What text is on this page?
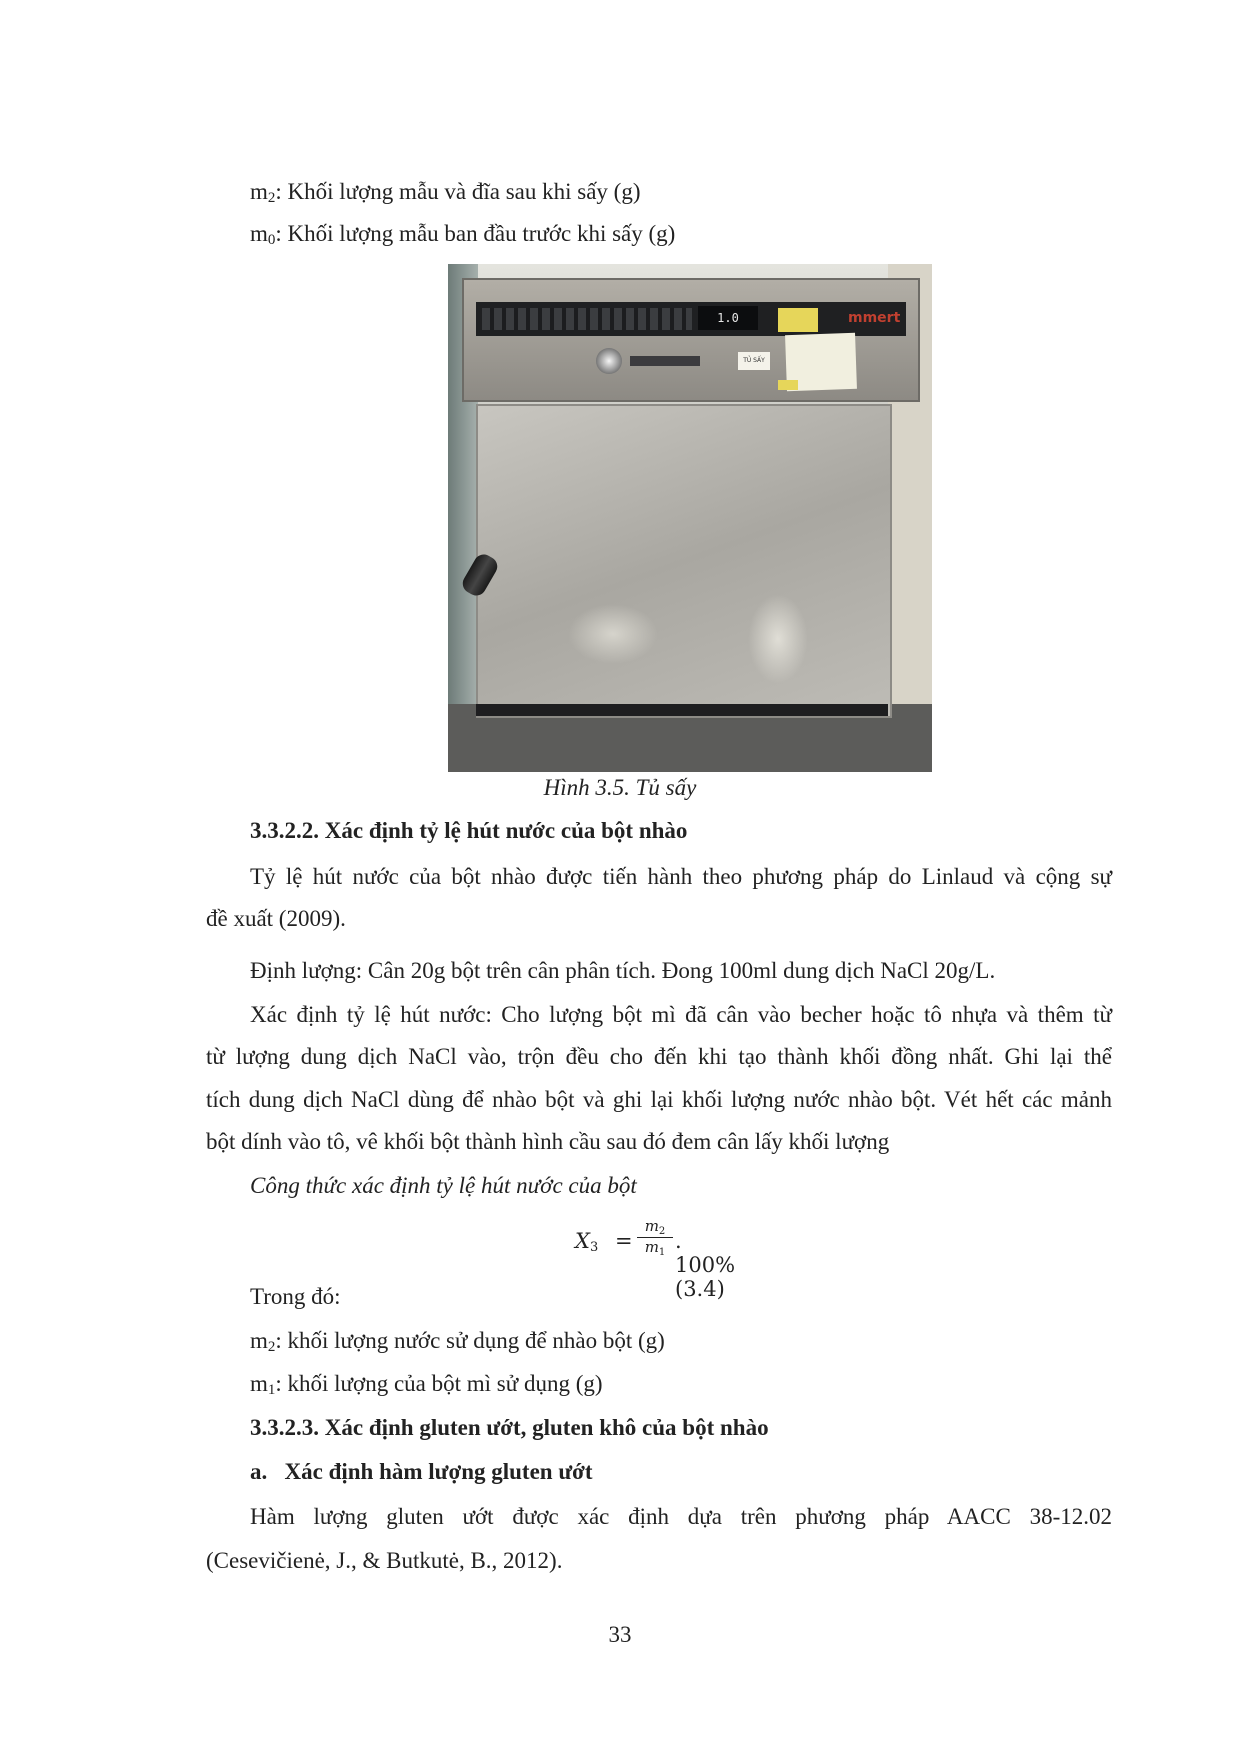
$m_2$: Khối lượng mẫu và đĩa sau khi sấy (g)
$m_0$: Khối lượng mẫu ban đầu trước khi sấy (g)
1.0	mmert
TỦ SẤY
Hình 3.5. Tủ sấy
3.3.2.2. Xác định tỷ lệ hút nước của bột nhào
Tỷ lệ hút nước của bột nhào được tiến hành theo phương pháp do Linlaud và cộng sự
đề xuất (2009).
Định lượng: Cân 20g bột trên cân phân tích. Đong 100ml dung dịch NaCl 20g/L.
Xác định tỷ lệ hút nước: Cho lượng bột mì đã cân vào becher hoặc tô nhựa và thêm từ
từ lượng dung dịch NaCl vào, trộn đều cho đến khi tạo thành khối đồng nhất. Ghi lại thể
tích dung dịch NaCl dùng để nhào bột và ghi lại khối lượng nước nhào bột. Vét hết các mảnh
bột dính vào tô, vê khối bột thành hình cầu sau đó đem cân lấy khối lượng
Công thức xác định tỷ lệ hút nước của bột
$X_3 = \frac{m_2}{m_1}$ . 100% (3.4)
Trong đó:
$m_2$: khối lượng nước sử dụng để nhào bột (g)
$m_1$: khối lượng của bột mì sử dụng (g)
3.3.2.3. Xác định gluten ướt, gluten khô của bột nhào
a.   Xác định hàm lượng gluten ướt
Hàm lượng gluten ướt được xác định dựa trên phương pháp AACC 38-12.02
(Cesevičienė, J., & Butkutė, B., 2012).
33
